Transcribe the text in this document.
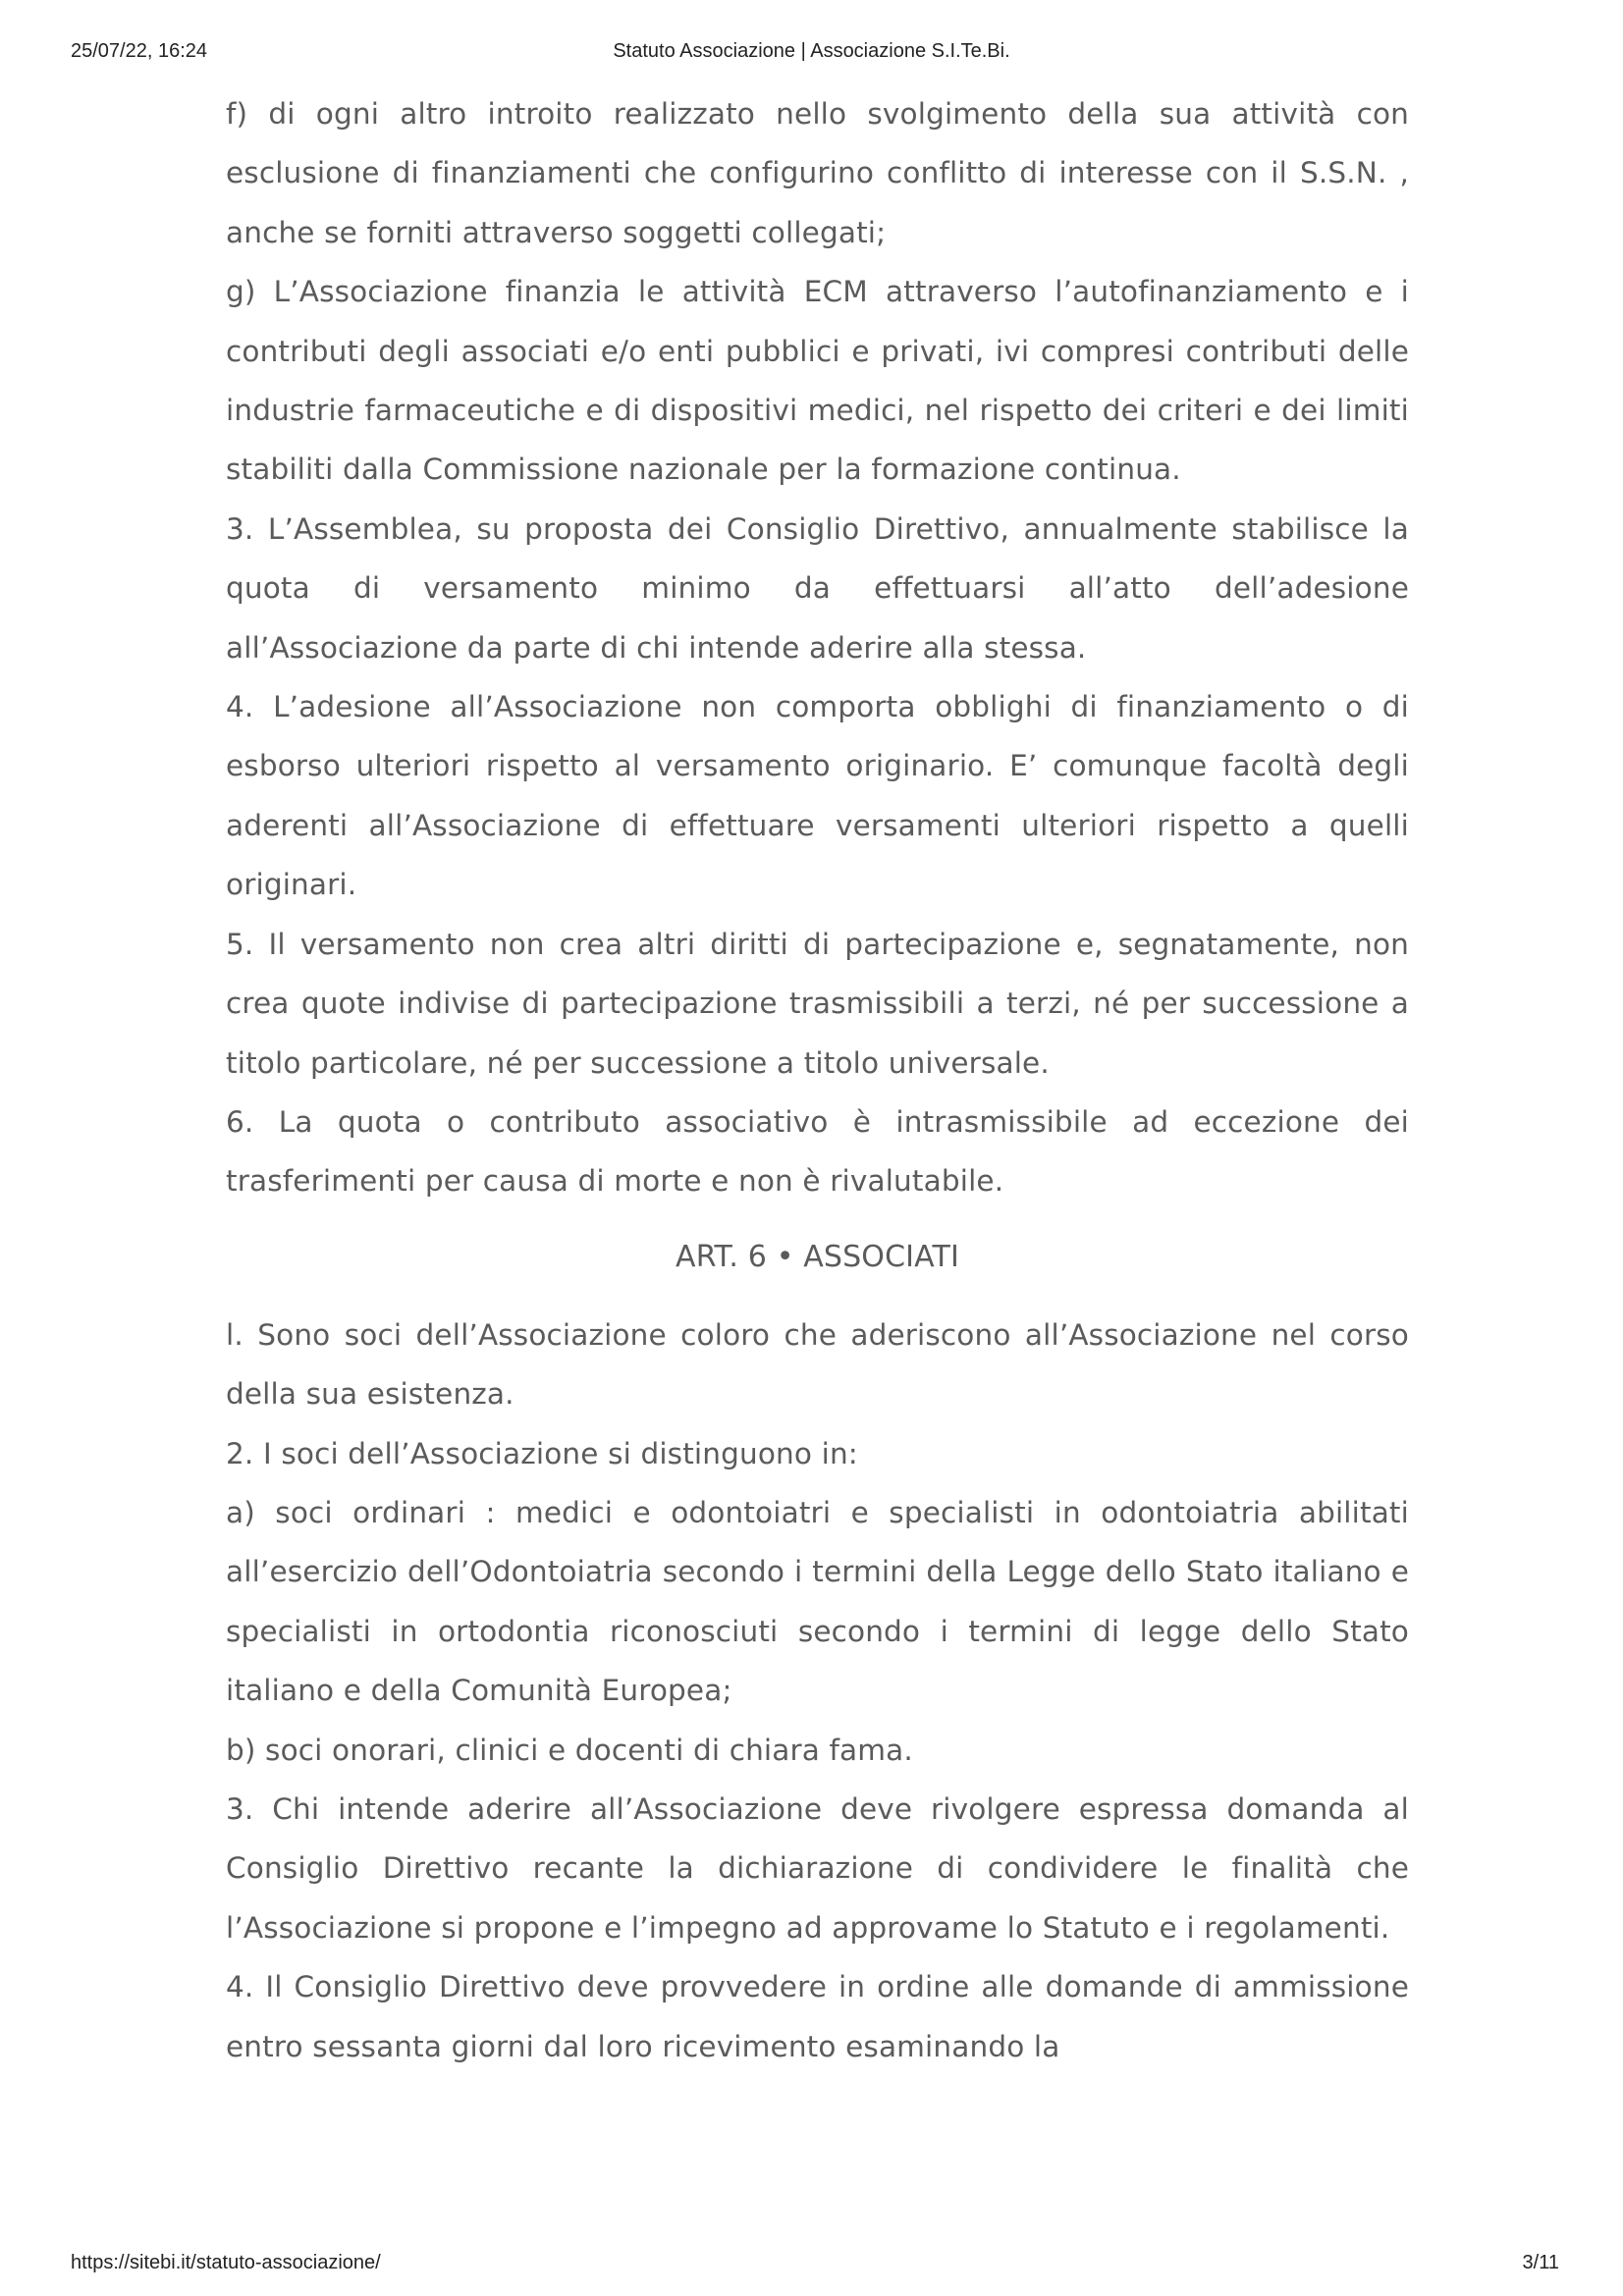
Statuto Associazione | Associazione S.I.Te.Bi.
25/07/22, 16:24

f) di ogni altro introito realizzato nello svolgimento della sua attività con esclusione di finanziamenti che configurino conflitto di interesse con il S.S.N. , anche se forniti attraverso soggetti collegati;

g) L’Associazione finanzia le attività ECM attraverso l’autofinanziamento e i contributi degli associati e/o enti pubblici e privati, ivi compresi contributi delle industrie farmaceutiche e di dispositivi medici, nel rispetto dei criteri e dei limiti stabiliti dalla Commissione nazionale per la formazione continua.

3. L’Assemblea, su proposta dei Consiglio Direttivo, annualmente stabilisce la quota di versamento minimo da effettuarsi all’atto dell’adesione all’Associazione da parte di chi intende aderire alla stessa.

4. L’adesione all’Associazione non comporta obblighi di finanziamento o di esborso ulteriori rispetto al versamento originario. E’ comunque facoltà degli aderenti all’Associazione di effettuare versamenti ulteriori rispetto a quelli originari.

5. Il versamento non crea altri diritti di partecipazione e, segnatamente, non crea quote indivise di partecipazione trasmissibili a terzi, né per successione a titolo particolare, né per successione a titolo universale.

6. La quota o contributo associativo è intrasmissibile ad eccezione dei trasferimenti per causa di morte e non è rivalutabile.

ART. 6 • ASSOCIATI

l. Sono soci dell’Associazione coloro che aderiscono all’Associazione nel corso della sua esistenza.

2. I soci dell’Associazione si distinguono in:

a) soci ordinari : medici e odontoiatri e specialisti in odontoiatria abilitati all’esercizio dell’Odontoiatria secondo i termini della Legge dello Stato italiano e specialisti in ortodontia riconosciuti secondo i termini di legge dello Stato italiano e della Comunità Europea;

b) soci onorari, clinici e docenti di chiara fama.

3. Chi intende aderire all’Associazione deve rivolgere espressa domanda al Consiglio Direttivo recante la dichiarazione di condividere le finalità che l’Associazione si propone e l’impegno ad approvame lo Statuto e i regolamenti.

4. Il Consiglio Direttivo deve provvedere in ordine alle domande di ammissione entro sessanta giorni dal loro ricevimento esaminando la

https://sitebi.it/statuto-associazione/	3/11
